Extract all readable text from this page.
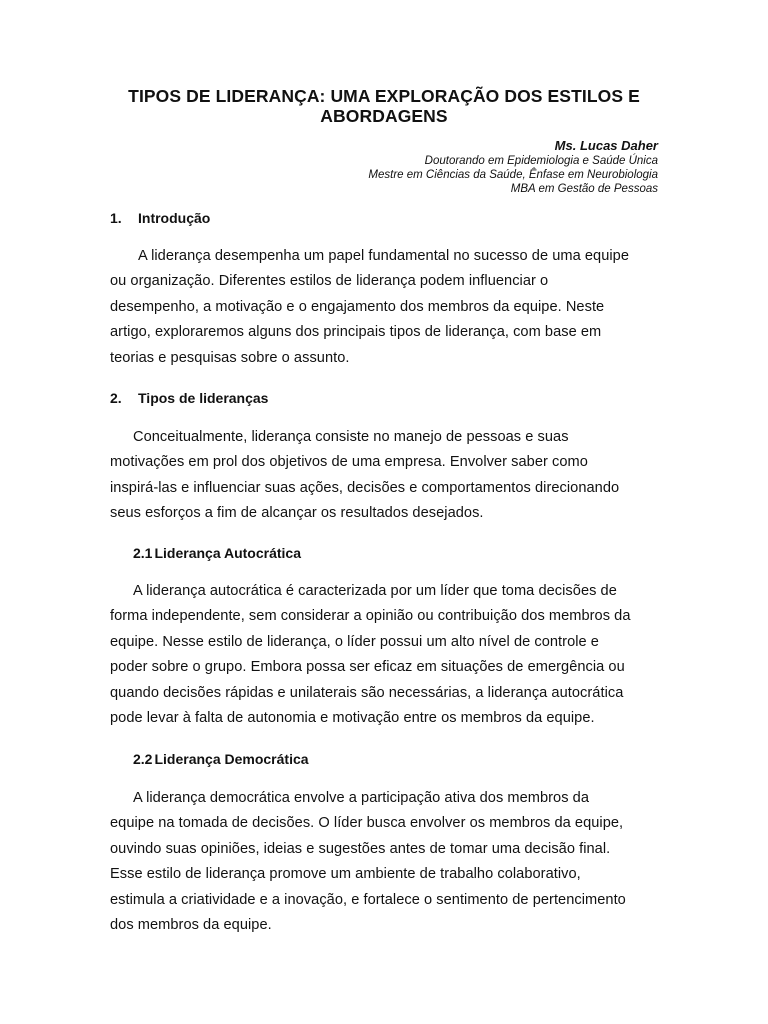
TIPOS DE LIDERANÇA: UMA EXPLORAÇÃO DOS ESTILOS E
ABORDAGENS
Ms. Lucas Daher
Doutorando em Epidemiologia e Saúde Única
Mestre em Ciências da Saúde, Ênfase em Neurobiologia
MBA em Gestão de Pessoas
1. Introdução

A liderança desempenha um papel fundamental no sucesso de uma equipe
ou organização. Diferentes estilos de liderança podem influenciar o
desempenho, a motivação e o engajamento dos membros da equipe. Neste
artigo, exploraremos alguns dos principais tipos de liderança, com base em
teorias e pesquisas sobre o assunto.

2. Tipos de lideranças

Conceitualmente, liderança consiste no manejo de pessoas e suas
motivações em prol dos objetivos de uma empresa. Envolver saber como
inspirá-las e influenciar suas ações, decisões e comportamentos direcionando
seus esforços a fim de alcançar os resultados desejados.

2.1 Liderança Autocrática

A liderança autocrática é caracterizada por um líder que toma decisões de
forma independente, sem considerar a opinião ou contribuição dos membros da
equipe. Nesse estilo de liderança, o líder possui um alto nível de controle e
poder sobre o grupo. Embora possa ser eficaz em situações de emergência ou
quando decisões rápidas e unilaterais são necessárias, a liderança autocrática
pode levar à falta de autonomia e motivação entre os membros da equipe.

2.2 Liderança Democrática

A liderança democrática envolve a participação ativa dos membros da
equipe na tomada de decisões. O líder busca envolver os membros da equipe,
ouvindo suas opiniões, ideias e sugestões antes de tomar uma decisão final.
Esse estilo de liderança promove um ambiente de trabalho colaborativo,
estimula a criatividade e a inovação, e fortalece o sentimento de pertencimento
dos membros da equipe.
